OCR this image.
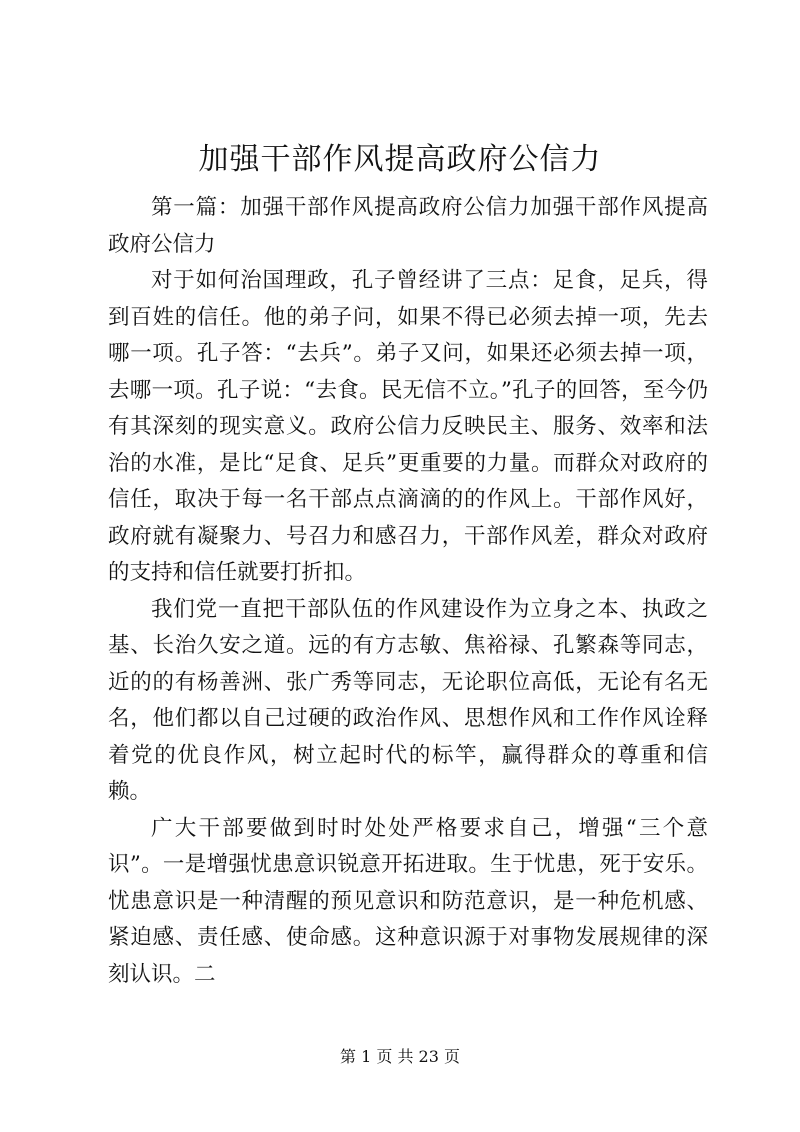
加强干部作风提高政府公信力

第一篇：加强干部作风提高政府公信力加强干部作风提高政府公信力

对于如何治国理政，孔子曾经讲了三点：足食，足兵，得到百姓的信任。他的弟子问，如果不得已必须去掉一项，先去哪一项。孔子答：“去兵”。弟子又问，如果还必须去掉一项，去哪一项。孔子说：“去食。民无信不立。”孔子的回答，至今仍有其深刻的现实意义。政府公信力反映民主、服务、效率和法治的水准，是比“足食、足兵”更重要的力量。而群众对政府的信任，取决于每一名干部点点滴滴的的作风上。干部作风好，政府就有凝聚力、号召力和感召力，干部作风差，群众对政府的支持和信任就要打折扣。

我们党一直把干部队伍的作风建设作为立身之本、执政之基、长治久安之道。远的有方志敏、焦裕禄、孔繁森等同志，近的的有杨善洲、张广秀等同志，无论职位高低，无论有名无名，他们都以自己过硬的政治作风、思想作风和工作作风诠释着党的优良作风，树立起时代的标竿，赢得群众的尊重和信赖。

广大干部要做到时时处处严格要求自己，增强“三个意识”。一是增强忧患意识锐意开拓进取。生于忧患，死于安乐。忧患意识是一种清醒的预见意识和防范意识，是一种危机感、紧迫感、责任感、使命感。这种意识源于对事物发展规律的深刻认识。二

第 1 页 共 23 页
